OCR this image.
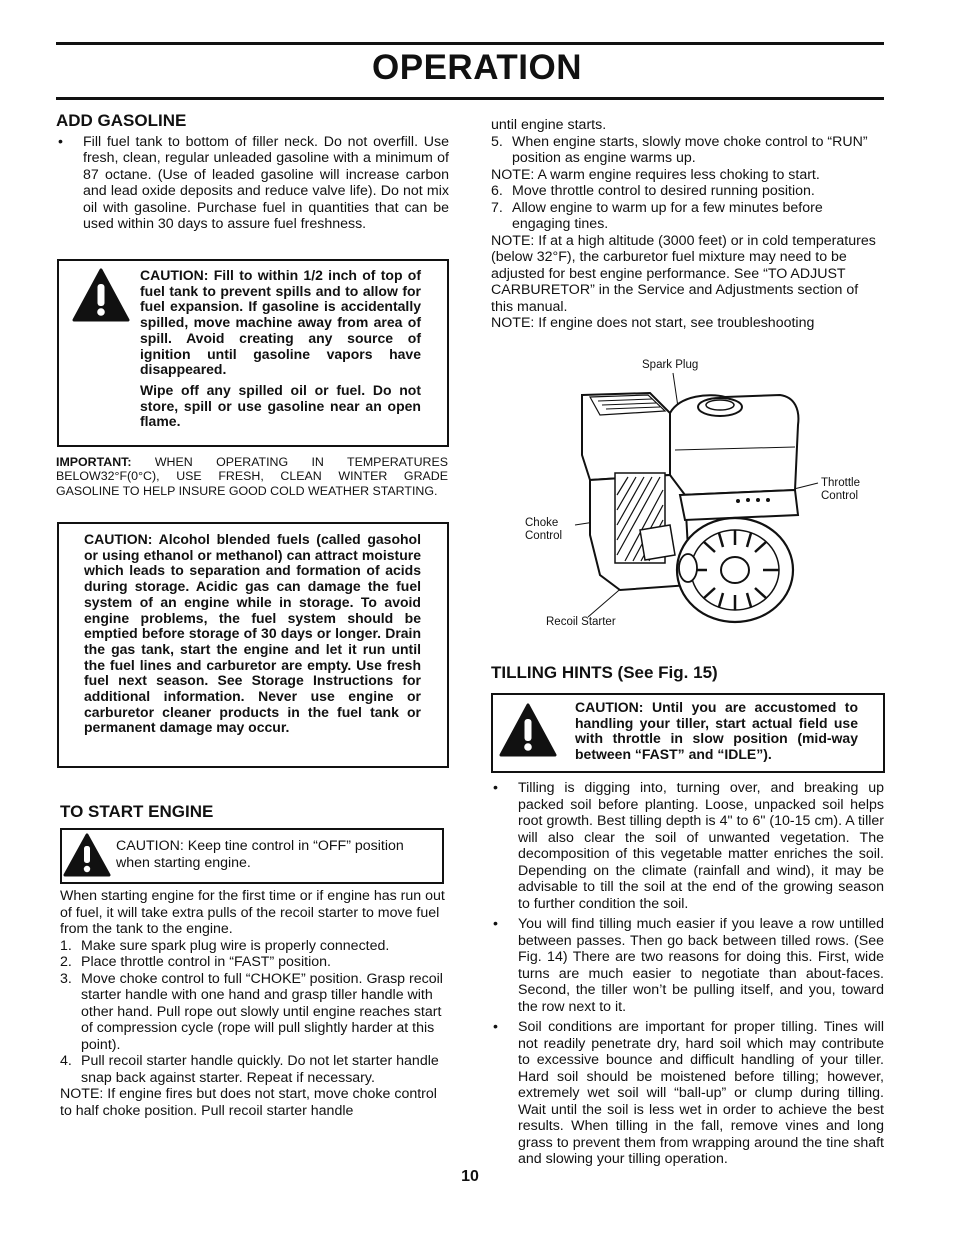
OPERATION
ADD GASOLINE

• Fill fuel tank to bottom of filler neck. Do not overfill. Use fresh, clean, regular unleaded gasoline with a minimum of 87 octane. (Use of leaded gasoline will increase carbon and lead oxide deposits and reduce valve life). Do not mix oil with gasoline. Purchase fuel in quantities that can be used within 30 days to assure fuel freshness.

CAUTION: Fill to within 1/2 inch of top of fuel tank to prevent spills and to allow for fuel expansion. If gasoline is accidentally spilled, move machine away from area of spill. Avoid creating any source of ignition until gasoline vapors have disappeared.

Wipe off any spilled oil or fuel. Do not store, spill or use gasoline near an open flame.

IMPORTANT: WHEN OPERATING IN TEMPERATURES BELOW32°F(0°C), USE FRESH, CLEAN WINTER GRADE GASOLINE TO HELP INSURE GOOD COLD WEATHER STARTING.
CAUTION: Alcohol blended fuels (called gasohol or using ethanol or methanol) can attract moisture which leads to separation and formation of acids during storage. Acidic gas can damage the fuel system of an engine while in storage. To avoid engine problems, the fuel system should be emptied before storage of 30 days or longer. Drain the gas tank, start the engine and let it run until the fuel lines and carburetor are empty. Use fresh fuel next season. See Storage Instructions for additional information. Never use engine or carburetor cleaner products in the fuel tank or permanent damage may occur.
TO START ENGINE
CAUTION: Keep tine control in “OFF” position when starting engine.

When starting engine for the first time or if engine has run out of fuel, it will take extra pulls of the recoil starter to move fuel from the tank to the engine.

1. Make sure spark plug wire is properly connected.
2. Place throttle control in “FAST” position.
3. Move choke control to full “CHOKE” position. Grasp recoil starter handle with one hand and grasp tiller handle with other hand. Pull rope out slowly until engine reaches start of compression cycle (rope will pull slightly harder at this point).
4. Pull recoil starter handle quickly. Do not let starter handle snap back against starter. Repeat if necessary.

NOTE: If engine fires but does not start, move choke control to half choke position. Pull recoil starter handle

until engine starts.

5. When engine starts, slowly move choke control to “RUN” position as engine warms up.

NOTE: A warm engine requires less choking to start.

6. Move throttle control to desired running position.
7. Allow engine to warm up for a few minutes before engaging tines.

NOTE: If at a high altitude (3000 feet) or in cold temperatures (below 32°F), the carburetor fuel mixture may need to be adjusted for best engine performance. See “TO ADJUST CARBURETOR” in the Service and Adjustments section of this manual.

NOTE: If engine does not start, see troubleshooting

Spark Plug
Throttle Control
Choke Control
Recoil Starter
TILLING HINTS (See Fig. 15)
CAUTION: Until you are accustomed to handling your tiller, start actual field use with throttle in slow position (mid-way between “FAST” and “IDLE”).

• Tilling is digging into, turning over, and breaking up packed soil before planting. Loose, unpacked soil helps root growth. Best tilling depth is 4" to 6" (10-15 cm). A tiller will also clear the soil of unwanted vegetation. The decomposition of this vegetable matter enriches the soil. Depending on the climate (rainfall and wind), it may be advisable to till the soil at the end of the growing season to further condition the soil.

• You will find tilling much easier if you leave a row untilled between passes. Then go back between tilled rows. (See Fig. 14) There are two reasons for doing this. First, wide turns are much easier to negotiate than about-faces. Second, the tiller won’t be pulling itself, and you, toward the row next to it.

• Soil conditions are important for proper tilling. Tines will not readily penetrate dry, hard soil which may contribute to excessive bounce and difficult handling of your tiller. Hard soil should be moistened before tilling; however, extremely wet soil will “ball-up” or clump during tilling. Wait until the soil is less wet in order to achieve the best results. When tilling in the fall, remove vines and long grass to prevent them from wrapping around the tine shaft and slowing your tilling operation.

10
